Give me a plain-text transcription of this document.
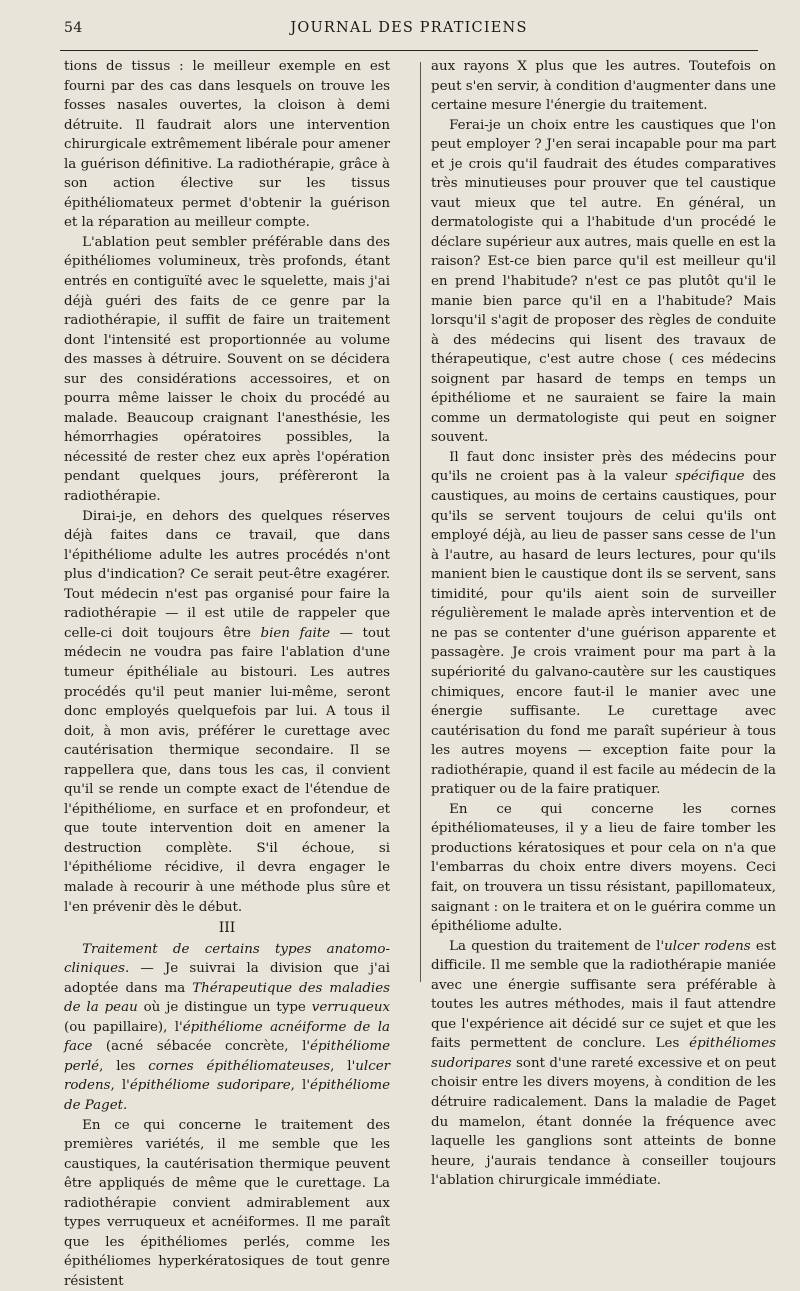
54	JOURNAL DES PRATICIENS

tions de tissus : le meilleur exemple en est fourni par des cas dans lesquels on trouve les fosses nasales ouvertes, la cloison à demi détruite. Il faudrait alors une intervention chirurgicale extrêmement libérale pour amener la guérison définitive. La radiothérapie, grâce à son action élective sur les tissus épithéliomateux permet d'obtenir la guérison et la réparation au meilleur compte.

L'ablation peut sembler préférable dans des épithéliomes volumineux, très profonds, étant entrés en contiguïté avec le squelette, mais j'ai déjà guéri des faits de ce genre par la radiothérapie, il suffit de faire un traitement dont l'intensité est proportionnée au volume des masses à détruire. Souvent on se décidera sur des considérations accessoires, et on pourra même laisser le choix du procédé au malade. Beaucoup craignant l'anesthésie, les hémorrhagies opératoires possibles, la nécessité de rester chez eux après l'opération pendant quelques jours, préfèreront la radiothérapie.

Dirai-je, en dehors des quelques réserves déjà faites dans ce travail, que dans l'épithéliome adulte les autres procédés n'ont plus d'indication? Ce serait peut-être exagérer. Tout médecin n'est pas organisé pour faire la radiothérapie — il est utile de rappeler que celle-ci doit toujours être bien faite — tout médecin ne voudra pas faire l'ablation d'une tumeur épithéliale au bistouri. Les autres procédés qu'il peut manier lui-même, seront donc employés quelquefois par lui. A tous il doit, à mon avis, préférer le curettage avec cautérisation thermique secondaire. Il se rappellera que, dans tous les cas, il convient qu'il se rende un compte exact de l'étendue de l'épithéliome, en surface et en profondeur, et que toute intervention doit en amener la destruction complète. S'il échoue, si l'épithéliome récidive, il devra engager le malade à recourir à une méthode plus sûre et l'en prévenir dès le début.

III

Traitement de certains types anatomo-cliniques. — Je suivrai la division que j'ai adoptée dans ma Thérapeutique des maladies de la peau où je distingue un type verruqueux (ou papillaire), l'épithéliome acnéiforme de la face (acné sébacée concrète, l'épithéliome perlé, les cornes épithéliomateuses, l'ulcer rodens, l'épithéliome sudoripare, l'épithéliome de Paget.

En ce qui concerne le traitement des premières variétés, il me semble que les caustiques, la cautérisation thermique peuvent être appliqués de même que le curettage. La radiothérapie convient admirablement aux types verruqueux et acnéiformes. Il me paraît que les épithéliomes perlés, comme les épithéliomes hyperkératosiques de tout genre résistent

aux rayons X plus que les autres. Toutefois on peut s'en servir, à condition d'augmenter dans une certaine mesure l'énergie du traitement.

Ferai-je un choix entre les caustiques que l'on peut employer ? J'en serai incapable pour ma part et je crois qu'il faudrait des études comparatives très minutieuses pour prouver que tel caustique vaut mieux que tel autre. En général, un dermatologiste qui a l'habitude d'un procédé le déclare supérieur aux autres, mais quelle en est la raison? Est-ce bien parce qu'il est meilleur qu'il en prend l'habitude? n'est ce pas plutôt qu'il le manie bien parce qu'il en a l'habitude? Mais lorsqu'il s'agit de proposer des règles de conduite à des médecins qui lisent des travaux de thérapeutique, c'est autre chose ( ces médecins soignent par hasard de temps en temps un épithéliome et ne sauraient se faire la main comme un dermatologiste qui peut en soigner souvent.

Il faut donc insister près des médecins pour qu'ils ne croient pas à la valeur spécifique des caustiques, au moins de certains caustiques, pour qu'ils se servent toujours de celui qu'ils ont employé déjà, au lieu de passer sans cesse de l'un à l'autre, au hasard de leurs lectures, pour qu'ils manient bien le caustique dont ils se servent, sans timidité, pour qu'ils aient soin de surveiller régulièrement le malade après intervention et de ne pas se contenter d'une guérison apparente et passagère. Je crois vraiment pour ma part à la supériorité du galvano-cautère sur les caustiques chimiques, encore faut-il le manier avec une énergie suffisante. Le curettage avec cautérisation du fond me paraît supérieur à tous les autres moyens — exception faite pour la radiothérapie, quand il est facile au médecin de la pratiquer ou de la faire pratiquer.

En ce qui concerne les cornes épithéliomateuses, il y a lieu de faire tomber les productions kératosiques et pour cela on n'a que l'embarras du choix entre divers moyens. Ceci fait, on trouvera un tissu résistant, papillomateux, saignant : on le traitera et on le guérira comme un épithéliome adulte.

La question du traitement de l'ulcer rodens est difficile. Il me semble que la radiothérapie maniée avec une énergie suffisante sera préférable à toutes les autres méthodes, mais il faut attendre que l'expérience ait décidé sur ce sujet et que les faits permettent de conclure. Les épithéliomes sudoripares sont d'une rareté excessive et on peut choisir entre les divers moyens, à condition de les détruire radicalement. Dans la maladie de Paget du mamelon, étant donnée la fréquence avec laquelle les ganglions sont atteints de bonne heure, j'aurais tendance à conseiller toujours l'ablation chirurgicale immédiate.
